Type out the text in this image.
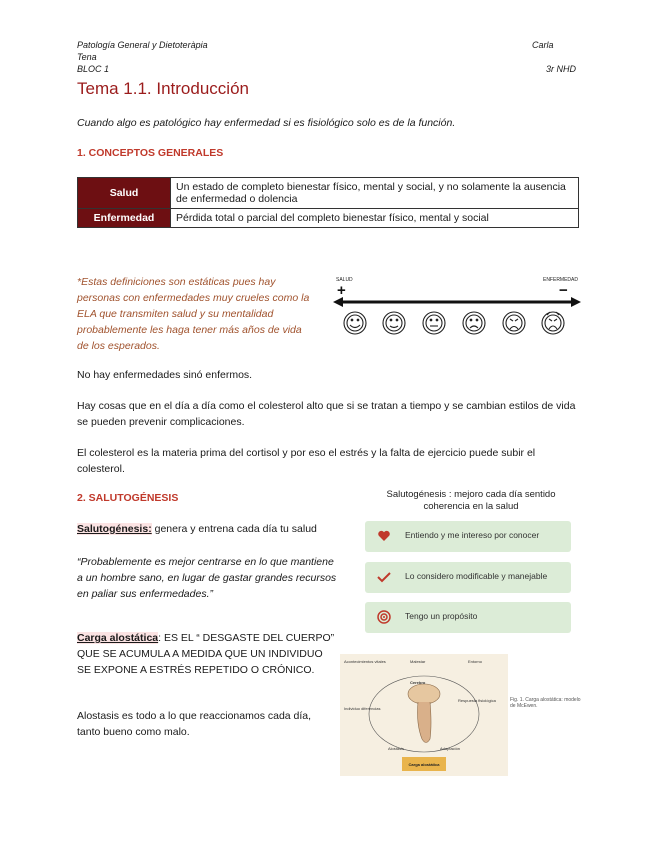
Patología General y Dietoteràpia	Carla
Tena
BLOC 1	3r NHD
Tema 1.1. Introducción
Cuando algo es patológico hay enfermedad si es fisiológico solo es de la función.
1. CONCEPTOS GENERALES
Salud	Un estado de completo bienestar físico, mental y social, y no solamente la ausencia de enfermedad o dolencia
Enfermedad	Pérdida total o parcial del completo bienestar físico, mental y social
*Estas definiciones son estáticas pues hay personas con enfermedades muy crueles como la ELA que transmiten salud y su mentalidad probablemente les haga tener más años de vida de los esperados.
SALUD	ENFERMEDAD
+	−
No hay enfermedades sinó enfermos.
Hay cosas que en el día a día como el colesterol alto que si se tratan a tiempo y se cambian estilos de vida se pueden prevenir complicaciones.
El colesterol es la materia prima del cortisol y por eso el estrés y la falta de ejercicio puede subir el colesterol.
2. SALUTOGÉNESIS
Salutogénesis: genera y entrena cada día tu salud
“Probablemente es mejor centrarse en lo que mantiene a un hombre sano, en lugar de gastar grandes recursos en paliar sus enfermedades.”
Carga alostática: ES EL “ DESGASTE DEL CUERPO” QUE SE ACUMULA A MEDIDA QUE UN INDIVIDUO SE EXPONE A ESTRÉS REPETIDO O CRÓNICO.
Alostasis es todo a lo que reaccionamos cada día, tanto bueno como malo.
Salutogénesis : mejoro cada día sentido coherencia en la salud
Entiendo y me intereso por conocer
Lo considero modificable y manejable
Tengo un propósito
Acontecimientos vitales	Malestar	Entorno
Cerebro
Individuo diferencias
Respuesta fisiológica
Alostasis	Adaptación
Carga alostática
Fig. 1. Carga alostática: modelo de McEwen.
